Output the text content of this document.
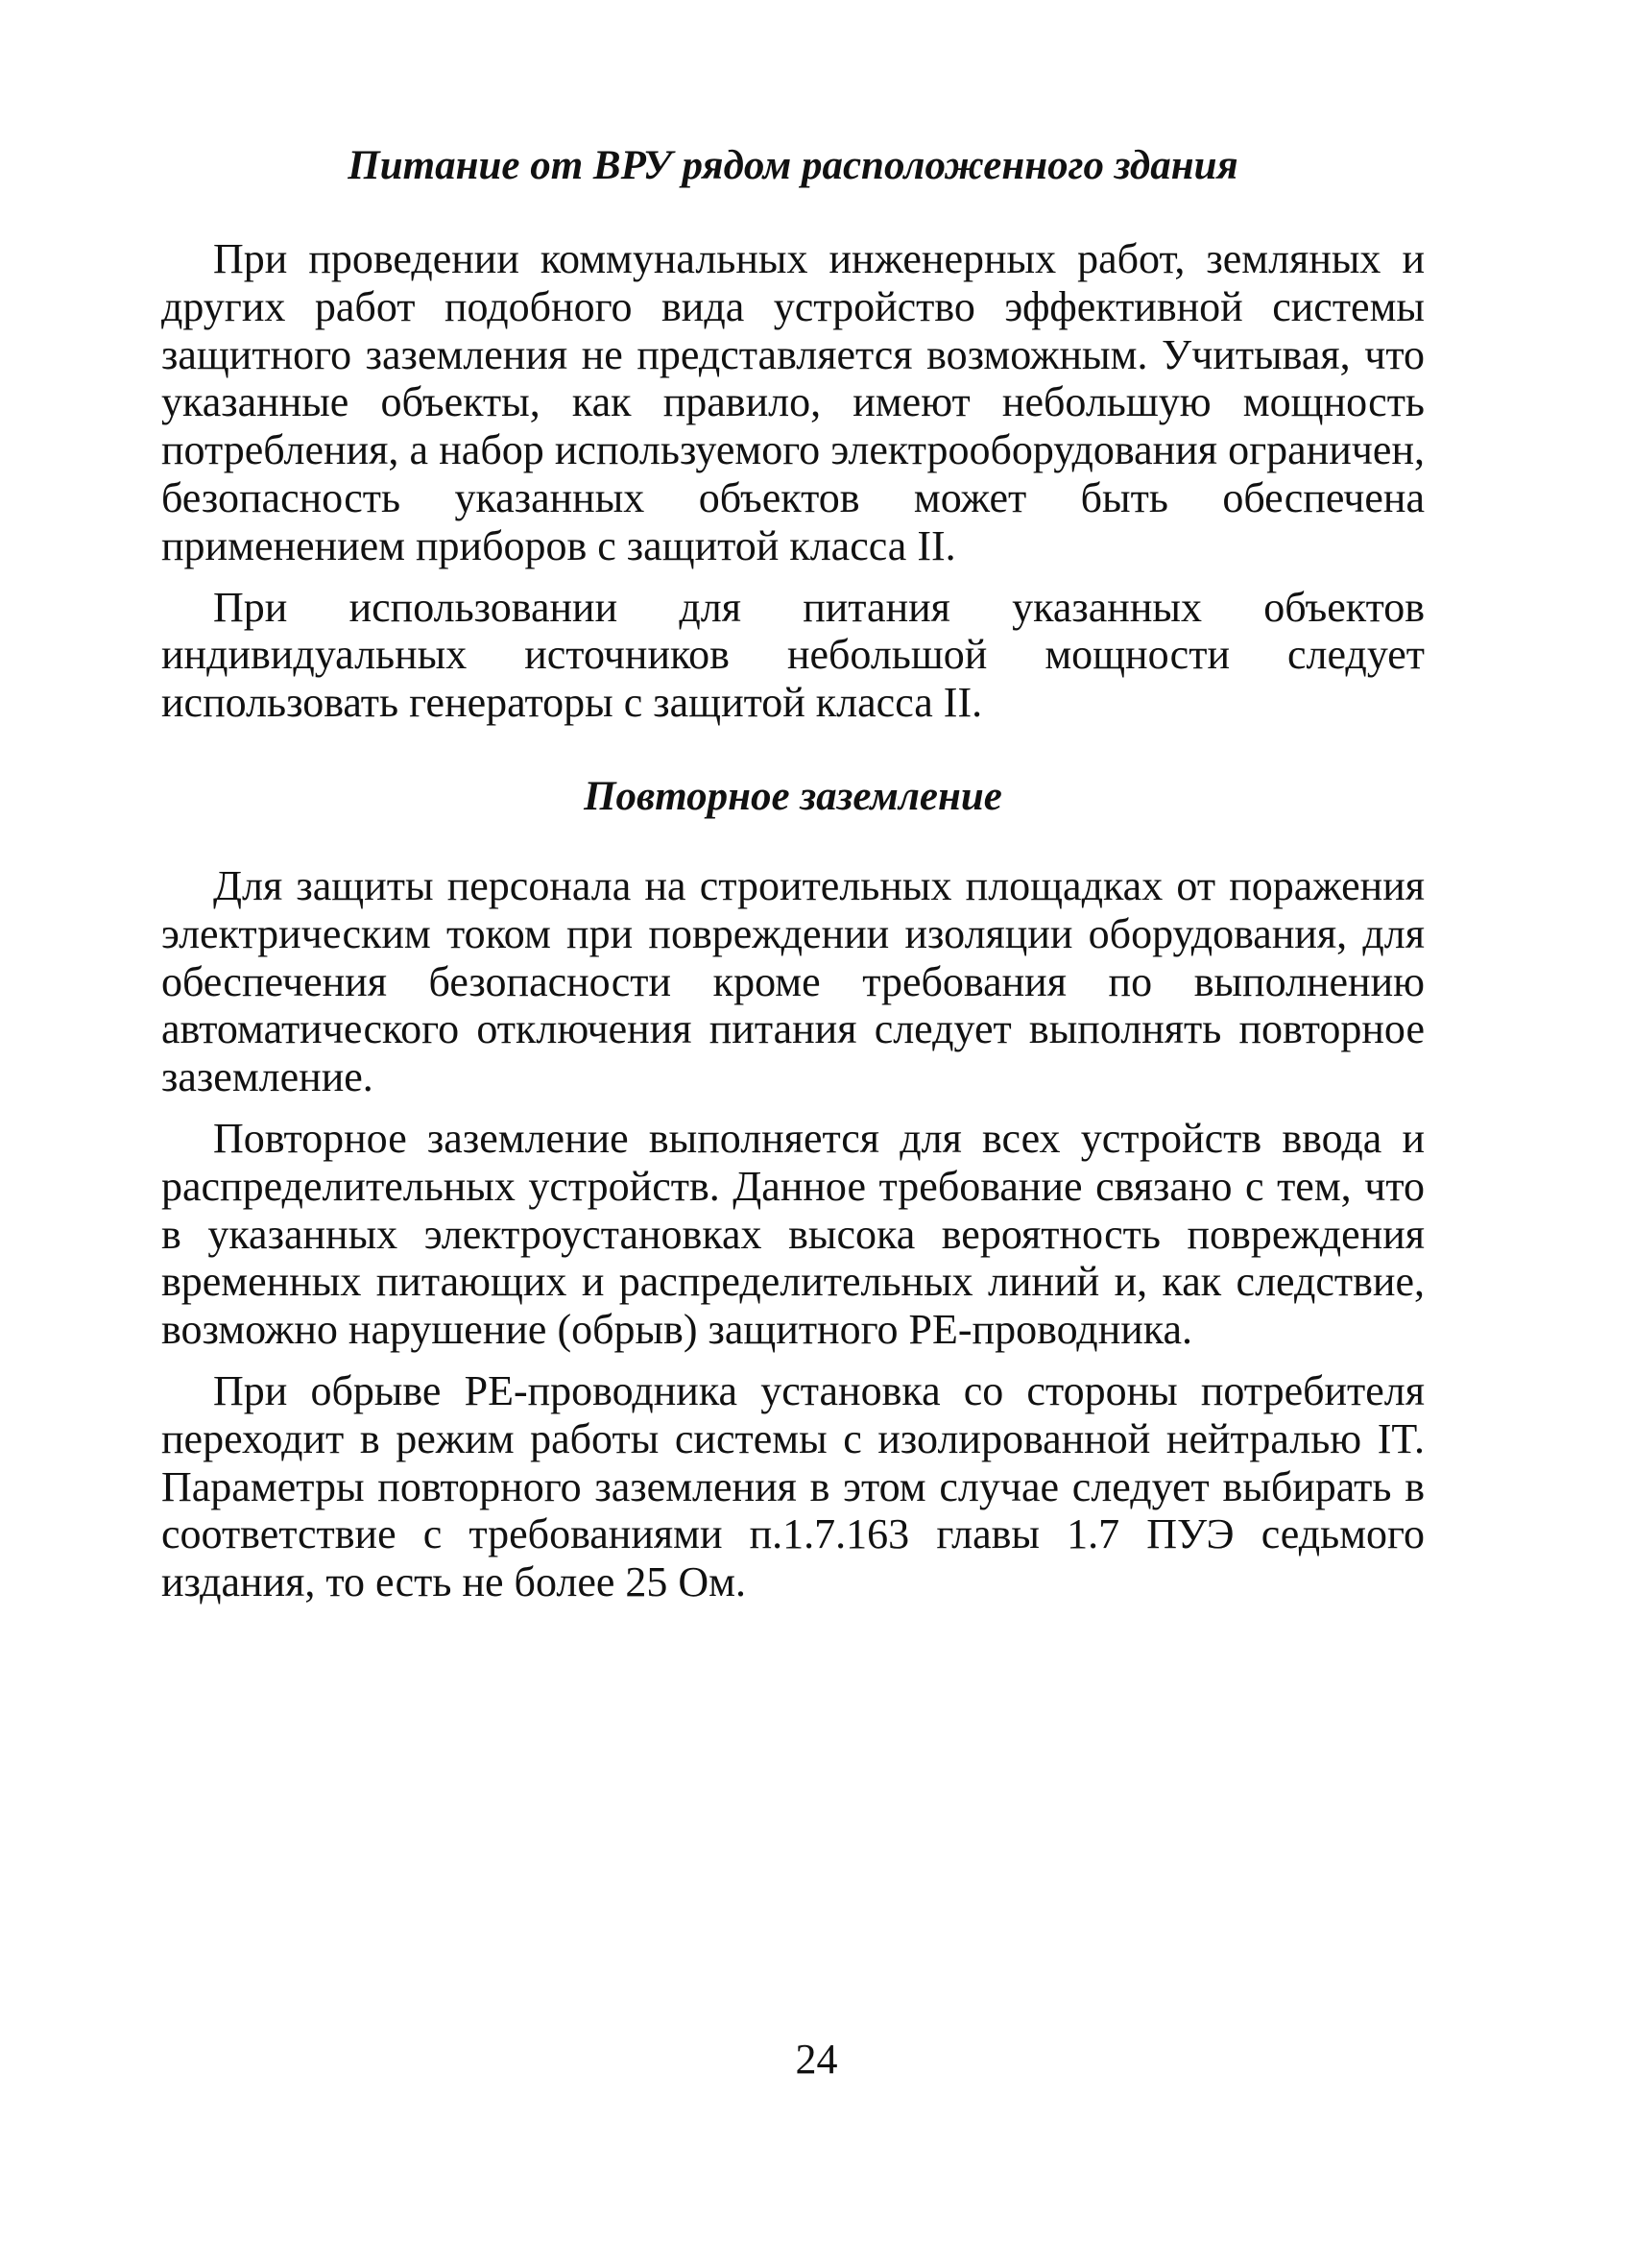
Питание от ВРУ рядом расположенного здания

При проведении коммунальных инженерных работ, земляных и других работ подобного вида устройство эффективной системы защитного заземления не представляется возможным. Учитывая, что указанные объекты, как правило, имеют небольшую мощность потребления, а набор используемого электрооборудования ограничен, безопасность указанных объектов может быть обеспечена применением приборов с защитой класса II.

При использовании для питания указанных объектов индивидуальных источников небольшой мощности следует использовать генераторы с защитой класса II.

Повторное заземление

Для защиты персонала на строительных площадках от поражения электрическим током при повреждении изоляции оборудования, для обеспечения безопасности кроме требования по выполнению автоматического отключения питания следует выполнять повторное заземление.

Повторное заземление выполняется для всех устройств ввода и распределительных устройств. Данное требование связано с тем, что в указанных электроустановках высока вероятность повреждения временных питающих и распределительных линий и, как следствие, возможно нарушение (обрыв) защитного PE-проводника.

При обрыве PE-проводника установка со стороны потребителя переходит в режим работы системы с изолированной нейтралью IT. Параметры повторного заземления в этом случае следует выбирать в соответствие с требованиями п.1.7.163 главы 1.7 ПУЭ седьмого издания, то есть не более 25 Ом.

24
